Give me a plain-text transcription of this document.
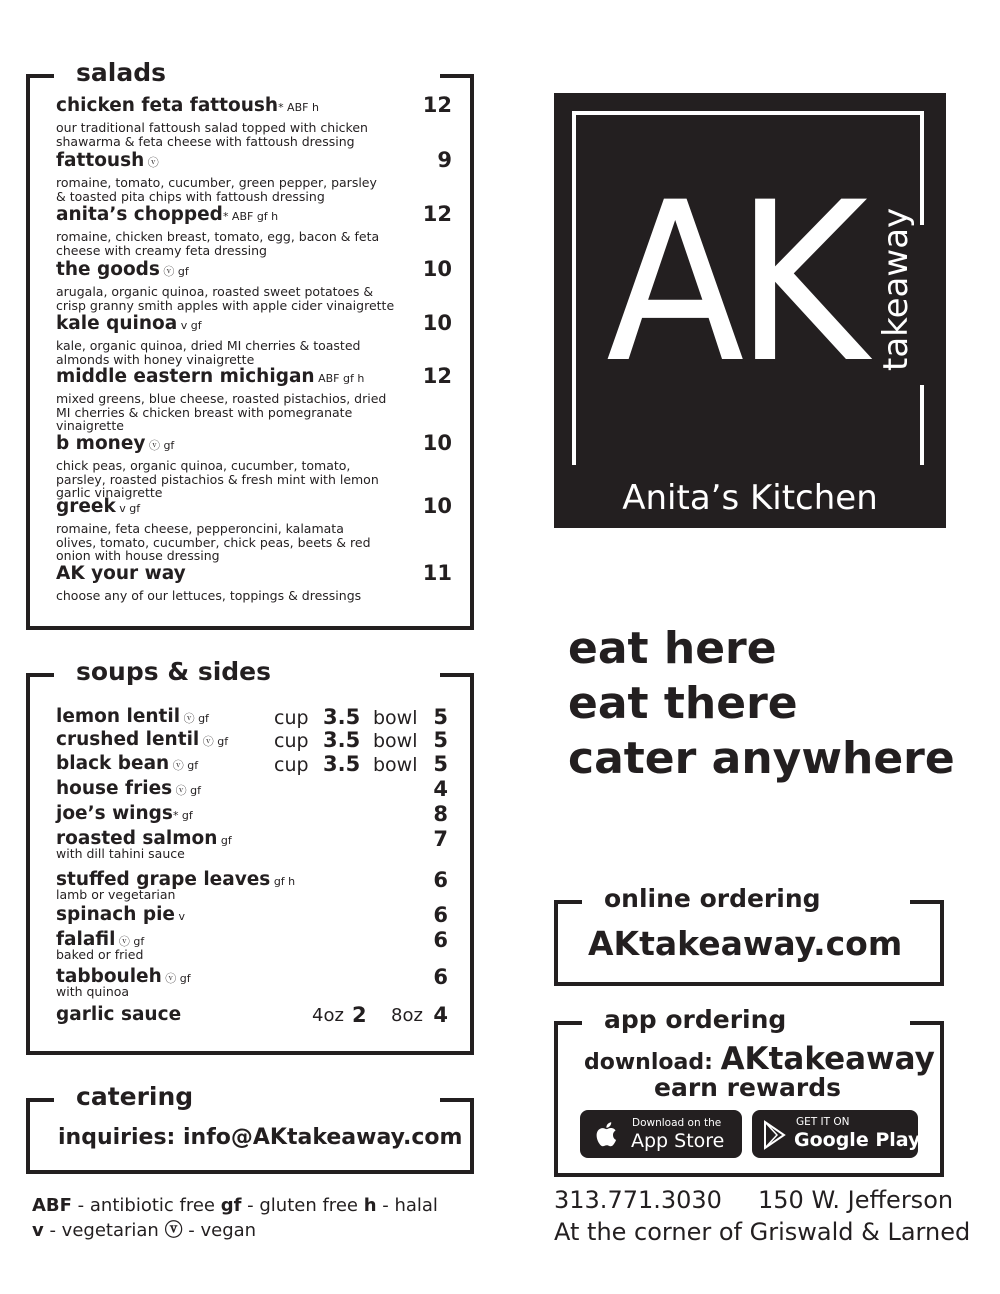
salads
chicken feta fattoush* ABF h
our traditional fattoush salad topped with chicken
shawarma & feta cheese with fattoush dressing
12
fattoush ⓥ
romaine, tomato, cucumber, green pepper, parsley
& toasted pita chips with fattoush dressing
9
anita’s chopped* ABF gf h
romaine, chicken breast, tomato, egg, bacon & feta
cheese with creamy feta dressing
12
the goods ⓥ gf
arugala, organic quinoa, roasted sweet potatoes &
crisp granny smith apples with apple cider vinaigrette
10
kale quinoa v gf
kale, organic quinoa, dried MI cherries & toasted
almonds with honey vinaigrette
10
middle eastern michigan ABF gf h
mixed greens, blue cheese, roasted pistachios, dried
MI cherries & chicken breast with pomegranate
vinaigrette
12
b money ⓥ gf
chick peas, organic quinoa, cucumber, tomato,
parsley, roasted pistachios & fresh mint with lemon
garlic vinaigrette
10
greek v gf
romaine, feta cheese, pepperoncini, kalamata
olives, tomato, cucumber, chick peas, beets & red
onion with house dressing
10
AK your way
choose any of our lettuces, toppings & dressings
11
soups & sides
lemon lentil ⓥ gf	cup 3.5 bowl 5
crushed lentil ⓥ gf cup 3.5 bowl 5
black bean ⓥ gf	cup 3.5 bowl 5
house fries ⓥ gf	4
joe’s wings* gf	8
roasted salmon gf
with dill tahini sauce
7
stuffed grape leaves gf h
lamb or vegetarian
6
spinach pie v	6
falafil ⓥ gf
baked or fried
6
tabbouleh ⓥ gf
with quinoa
6
garlic sauce	4oz 2 8oz 4
catering
inquiries: info@AKtakeaway.com
ABF - antibiotic free gf - gluten free h - halal
v - vegetarian ⓥ - vegan
AK takeaway
Anita’s Kitchen
eat here
eat there
cater anywhere
online ordering
AKtakeaway.com
app ordering
download: AKtakeaway
earn rewards
Download on the
App Store
GET IT ON
Google Play
313.771.3030 150 W. Jefferson
At the corner of Griswald & Larned
